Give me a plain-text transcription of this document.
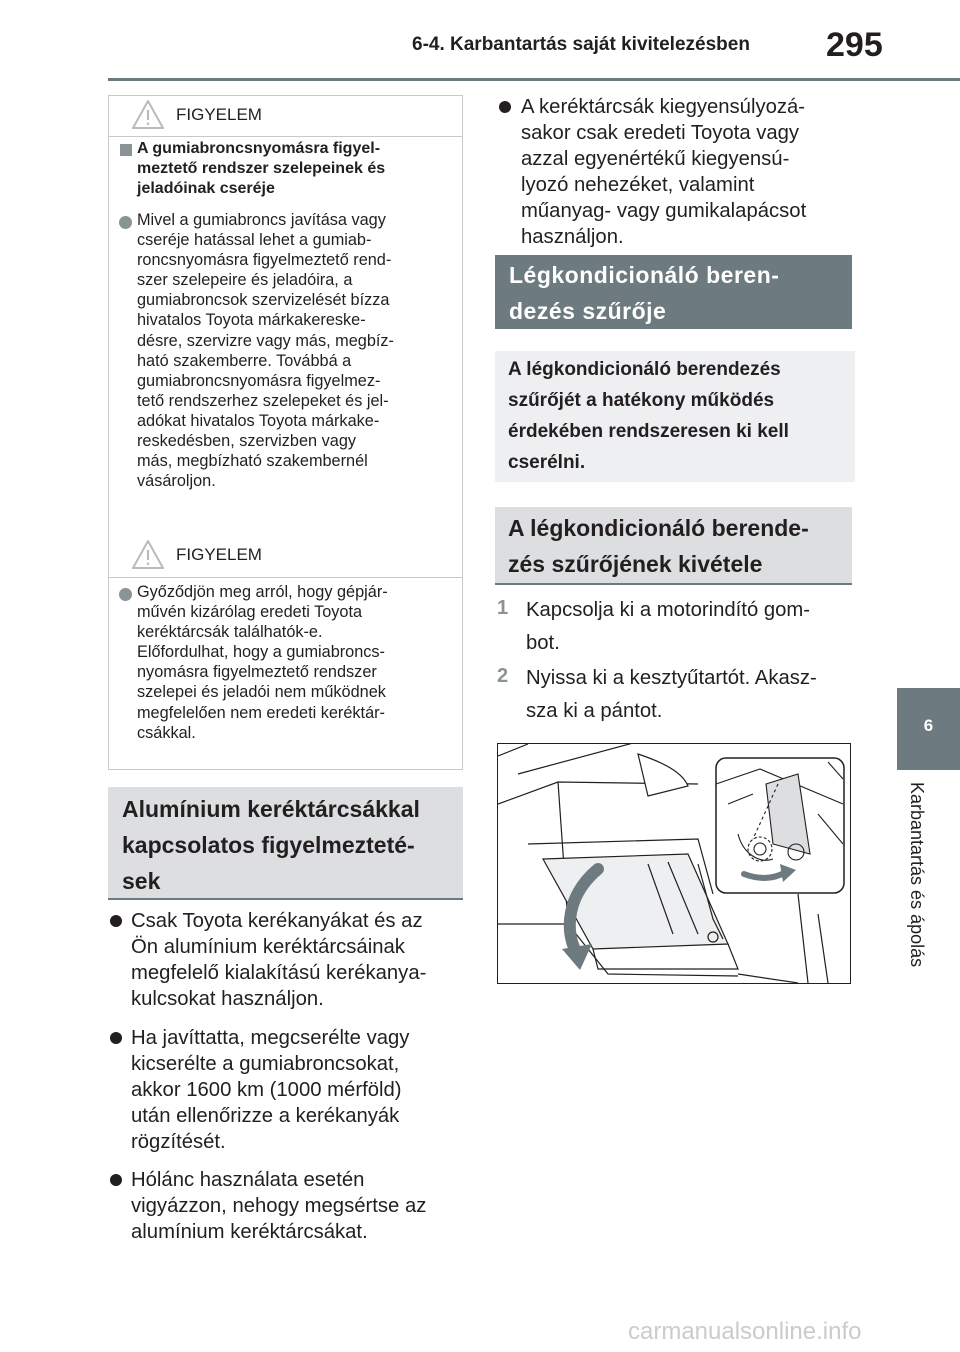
6-4. Karbantartás saját kivitelezésben 295
6
Karbantartás és ápolás
FIGYELEM
A gumiabroncsnyomásra figyel-
meztető rendszer szelepeinek és
jeladóinak cseréje
Mivel a gumiabroncs javítása vagy
cseréje hatással lehet a gumiab-
roncsnyomásra figyelmeztető rend-
szer szelepeire és jeladóira, a
gumiabroncsok szervizelését bízza
hivatalos Toyota márkakereske-
désre, szervizre vagy más, megbíz-
ható szakemberre. Továbbá a
gumiabroncsnyomásra figyelmez-
tető rendszerhez szelepeket és jel-
adókat hivatalos Toyota márkake-
reskedésben, szervizben vagy
más, megbízható szakembernél
vásároljon.
FIGYELEM
Győződjön meg arról, hogy gépjár-
művén kizárólag eredeti Toyota
keréktárcsák találhatók-e.
Előfordulhat, hogy a gumiabroncs-
nyomásra figyelmeztető rendszer
szelepei és jeladói nem működnek
megfelelően nem eredeti keréktár-
csákkal.
Alumínium keréktárcsákkal
kapcsolatos figyelmezteté-
sek
Csak Toyota kerékanyákat és az
Ön alumínium keréktárcsáinak
megfelelő kialakítású kerékanya-
kulcsokat használjon.
Ha javíttatta, megcserélte vagy
kicserélte a gumiabroncsokat,
akkor 1600 km (1000 mérföld)
után ellenőrizze a kerékanyák
rögzítését.
Hólánc használata esetén
vigyázzon, nehogy megsértse az
alumínium keréktárcsákat.
A keréktárcsák kiegyensúlyozá-
sakor csak eredeti Toyota vagy
azzal egyenértékű kiegyensú-
lyozó nehezéket, valamint
műanyag- vagy gumikalapácsot
használjon.
Légkondicionáló beren-
dezés szűrője
A légkondicionáló berendezés
szűrőjét a hatékony működés
érdekében rendszeresen ki kell
cserélni.
A légkondicionáló berende-
zés szűrőjének kivétele
1 Kapcsolja ki a motorindító gom-
bot.
2 Nyissa ki a kesztyűtartót. Akasz-
sza ki a pántot.
carmanualsonline.info
